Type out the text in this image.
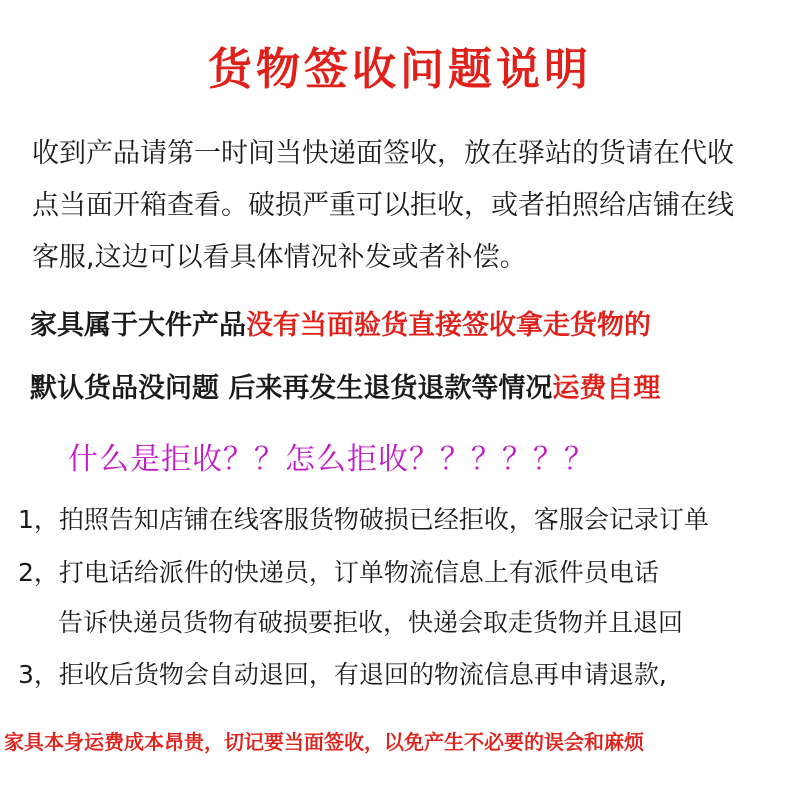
货物签收问题说明
收到产品请第一时间当快递面签收，放在驿站的货请在代收
点当面开箱查看。破损严重可以拒收，或者拍照给店铺在线
客服,这边可以看具体情况补发或者补偿。
家具属于大件产品没有当面验货直接签收拿走货物的
默认货品没问题 后来再发生退货退款等情况运费自理
什么是拒收？？怎么拒收？？？？？？
1，拍照告知店铺在线客服货物破损已经拒收，客服会记录订单
2，打电话给派件的快递员，订单物流信息上有派件员电话
告诉快递员货物有破损要拒收，快递会取走货物并且退回
3，拒收后货物会自动退回，有退回的物流信息再申请退款,
家具本身运费成本昂贵，切记要当面签收，以免产生不必要的误会和麻烦
